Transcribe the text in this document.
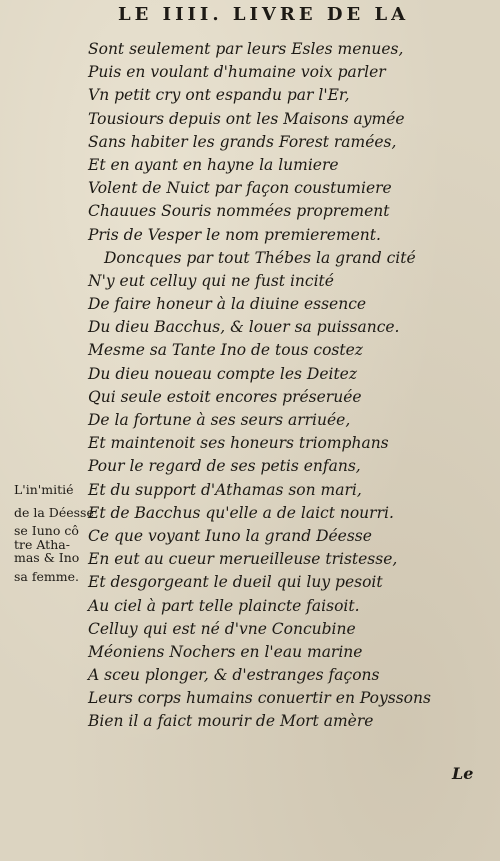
LE IIII. LIVRE DE LA
Sont seulement par leurs Esles menues,
Puis en voulant d'humaine voix parler
Vn petit cry ont espandu par l'Er,
Tousiours depuis ont les Maisons aymée
Sans habiter les grands Forest ramées,
Et en ayant en hayne la lumiere
Volent de Nuict par façon coustumiere
Chauues Souris nommées proprement
Pris de Vesper le nom premierement.
Doncques par tout Thébes la grand cité
N'y eut celluy qui ne fust incité
De faire honeur à la diuine essence
Du dieu Bacchus, & louer sa puissance.
Mesme sa Tante Ino de tous costez
Du dieu noueau compte les Deitez
Qui seule estoit encores préseruée
De la fortune à ses seurs arriuée,
Et maintenoit ses honeurs triomphans
Pour le regard de ses petis enfans,
Et du support d'Athamas son mari,
Et de Bacchus qu'elle a de laict nourri.
Ce que voyant Iuno la grand Déesse
En eut au cueur merueilleuse tristesse,
Et desgorgeant le dueil qui luy pesoit
Au ciel à part telle plaincte faisoit.
Celluy qui est né d'vne Concubine
Méoniens Nochers en l'eau marine
A sceu plonger, & d'estranges façons
Leurs corps humains conuertir en Poyssons
Bien il a faict mourir de Mort amère
L'in'mitié
de la Déesse
se Iuno cô
tre Atha-
mas & Ino
sa femme.
Le
